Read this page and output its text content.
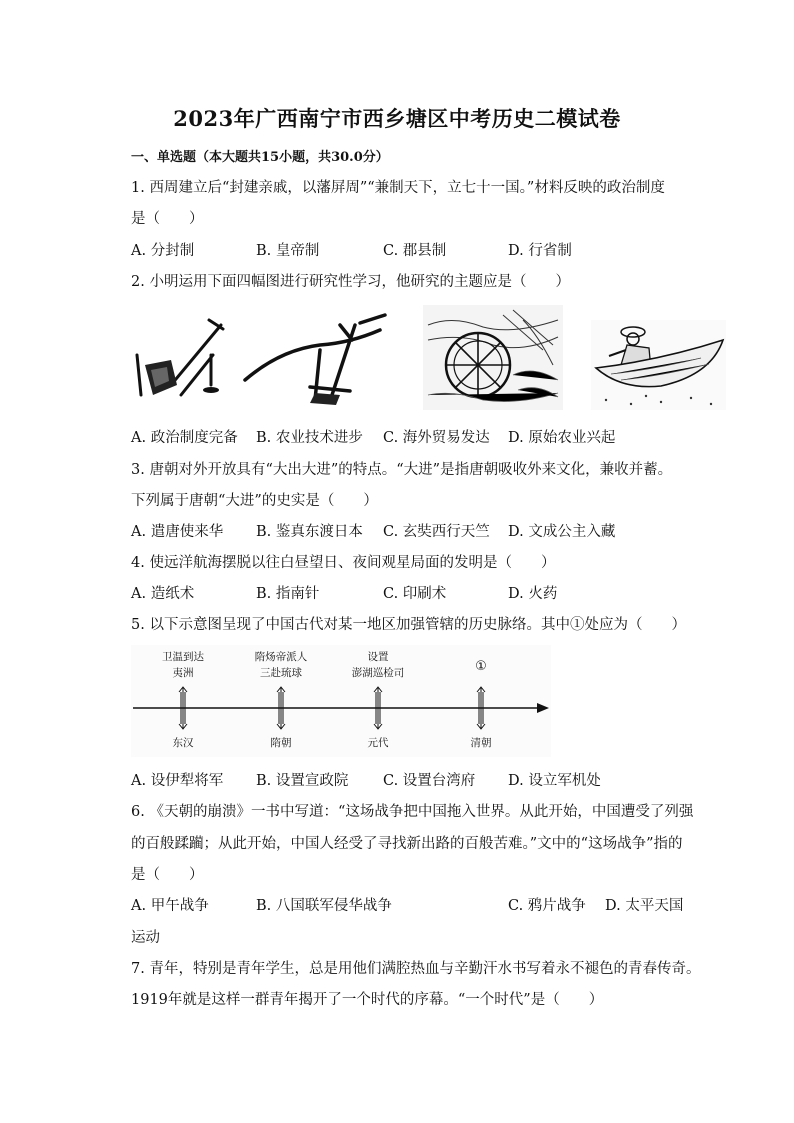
2023年广西南宁市西乡塘区中考历史二模试卷
一、单选题（本大题共15小题，共30.0分）
1. 西周建立后“封建亲戚，以藩屏周”“兼制天下，立七十一国。”材料反映的政治制度
是（　　）
A. 分封制	B. 皇帝制	C. 郡县制	D. 行省制
2. 小明运用下面四幅图进行研究性学习，他研究的主题应是（　　）
A. 政治制度完备 B. 农业技术进步 C. 海外贸易发达 D. 原始农业兴起
3. 唐朝对外开放具有“大出大进”的特点。“大进”是指唐朝吸收外来文化，兼收并蓄。
下列属于唐朝“大进”的史实是（　　）
A. 遣唐使来华 B. 鉴真东渡日本 C. 玄奘西行天竺 D. 文成公主入藏
4. 使远洋航海摆脱以往白昼望日、夜间观星局面的发明是（　　）
A. 造纸术	B. 指南针	C. 印刷术	D. 火药
5. 以下示意图呈现了中国古代对某一地区加强管辖的历史脉络。其中①处应为（　　）
卫温到达
夷洲
东汉
隋炀帝派人
三赴琉球
隋朝
设置
澎湖巡检司
元代
①
清朝
A. 设伊犁将军 B. 设置宣政院 C. 设置台湾府 D. 设立军机处
6. 《天朝的崩溃》一书中写道：“这场战争把中国拖入世界。从此开始，中国遭受了列强
的百般蹂躏；从此开始，中国人经受了寻找新出路的百般苦难。”文中的“这场战争”指的
是（　　）
A. 甲午战争	B. 八国联军侵华战争	C. 鸦片战争 D. 太平天国
运动
7. 青年，特别是青年学生，总是用他们满腔热血与辛勤汗水书写着永不褪色的青春传奇。
1919年就是这样一群青年揭开了一个时代的序幕。“一个时代”是（　　）
